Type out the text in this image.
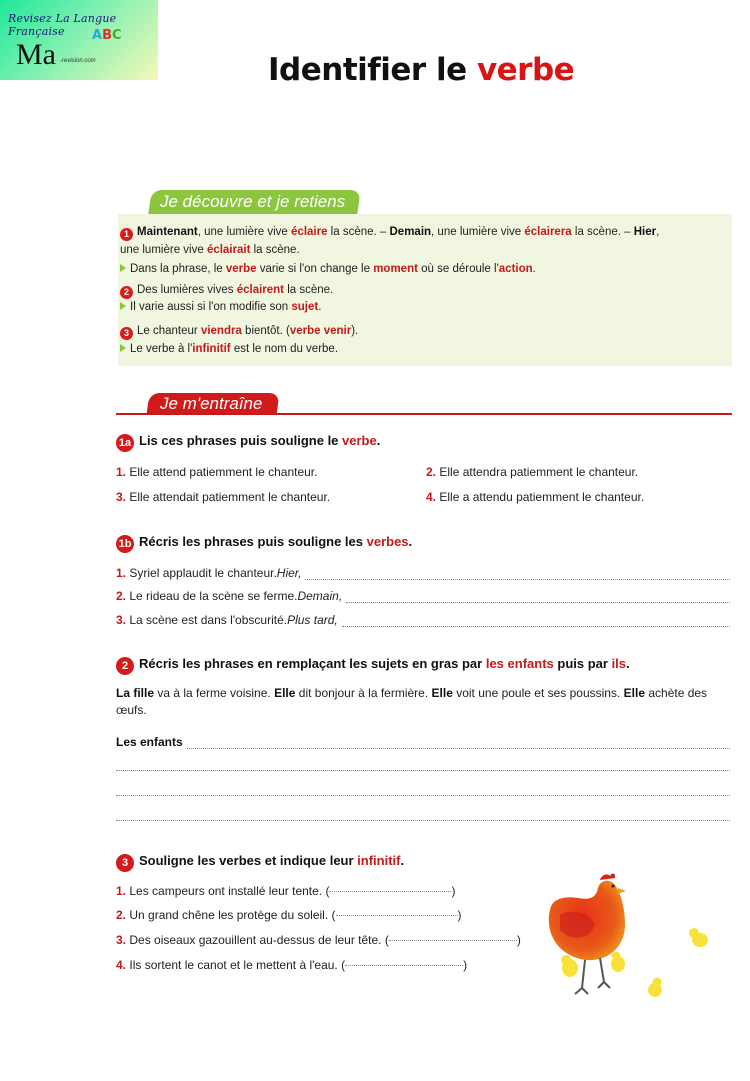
Revisez La Langue Française
Ma
ABC
-revision.com	Identifier le verbe
Je découvre et je retiens
1 Maintenant, une lumière vive éclaire la scène. – Demain, une lumière vive éclairera la scène. – Hier,
une lumière vive éclairait la scène.
Dans la phrase, le verbe varie si l'on change le moment où se déroule l'action.
2 Des lumières vives éclairent la scène.
Il varie aussi si l'on modifie son sujet.
3 Le chanteur viendra bientôt. (verbe venir).
Le verbe à l'infinitif est le nom du verbe.
Je m'entraîne
1a Lis ces phrases puis souligne le verbe.
1. Elle attend patiemment le chanteur.	2. Elle attendra patiemment le chanteur.
3. Elle attendait patiemment le chanteur.	4. Elle a attendu patiemment le chanteur.
1b Récris les phrases puis souligne les verbes.
1.
Syriel applaudit le chanteur. Hier,
2.
Le rideau de la scène se ferme. Demain,
3.
La scène est dans l'obscurité. Plus tard,
2 Récris les phrases en remplaçant les sujets en gras par les enfants puis par ils.
La fille va à la ferme voisine. Elle dit bonjour à la fermière. Elle voit une poule et ses poussins. Elle achète des œufs.
Les enfants
3 Souligne les verbes et indique leur infinitif.
1. Les campeurs ont installé leur tente. (	)
2. Un grand chêne les protège du soleil. (	)
3. Des oiseaux gazouillent au-dessus de leur tête. (	)
4. Ils sortent le canot et le mettent à l'eau. (	)
